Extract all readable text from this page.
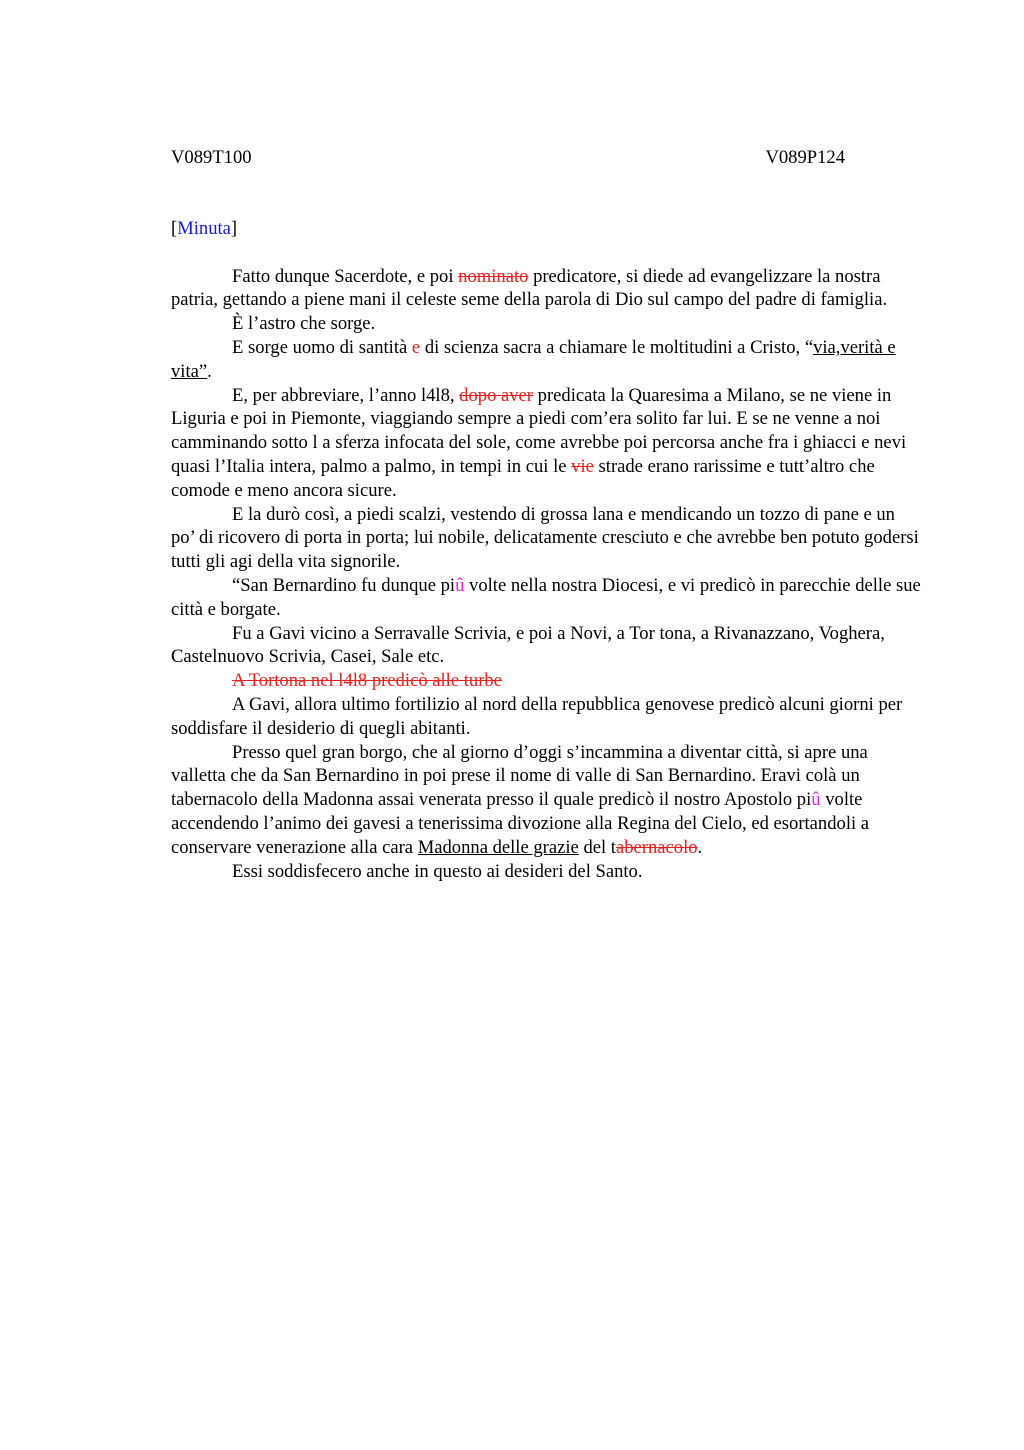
V089T100	V089P124
[Minuta]

Fatto dunque Sacerdote, e poi nominato predicatore, si diede ad evangelizzare la nostra patria, gettando a piene mani il celeste seme della parola di Dio sul campo del padre di famiglia.

È l’astro che sorge.

E sorge uomo di santità e di scienza sacra a chiamare le moltitudini a Cristo, “via,verità e vita”.

E, per abbreviare, l’anno l4l8, dopo aver predicata la Quaresima a Milano, se ne viene in Liguria e poi in Piemonte, viaggiando sempre a piedi com’era solito far lui. E se ne venne a noi camminando sotto l a sferza infocata del sole, come avrebbe poi percorsa anche fra i ghiacci e nevi quasi l’Italia intera, palmo a palmo, in tempi in cui le vie strade erano rarissime e tutt’altro che comode e meno ancora sicure.

E la durò così, a piedi scalzi, vestendo di grossa lana e mendicando un tozzo di pane e un po’ di ricovero di porta in porta; lui nobile, delicatamente cresciuto e che avrebbe ben potuto godersi tutti gli agi della vita signorile.

“San Bernardino fu dunque piû volte nella nostra Diocesi, e vi predicò in parecchie delle sue città e borgate.

Fu a Gavi vicino a Serravalle Scrivia, e poi a Novi, a Tor tona, a Rivanazzano, Voghera, Castelnuovo Scrivia, Casei, Sale etc.

A Tortona nel l4l8 predicò alle turbe

A Gavi, allora ultimo fortilizio al nord della repubblica genovese predicò alcuni giorni per soddisfare il desiderio di quegli abitanti.

Presso quel gran borgo, che al giorno d’oggi s’incammina a diventar città, si apre una valletta che da San Bernardino in poi prese il nome di valle di San Bernardino. Eravi colà un tabernacolo della Madonna assai venerata presso il quale predicò il nostro Apostolo piû volte accendendo l’animo dei gavesi a tenerissima divozione alla Regina del Cielo, ed esortandoli a conservare venerazione alla cara Madonna delle grazie del tabernacolo.

Essi soddisfecero anche in questo ai desideri del Santo.
